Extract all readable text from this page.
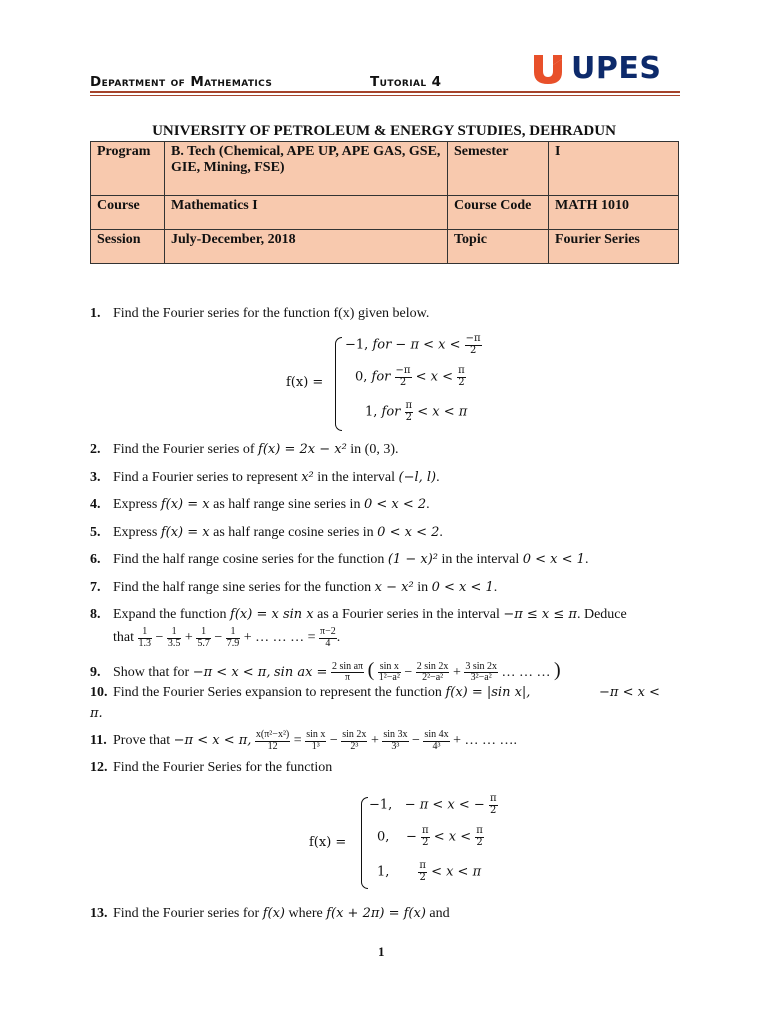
Department of Mathematics	Tutorial 4	UPES
UNIVERSITY OF PETROLEUM & ENERGY STUDIES, DEHRADUN
Program	B. Tech (Chemical, APE UP, APE GAS, GSE, GIE, Mining, FSE)	Semester	I
Course	Mathematics I	Course Code	MATH 1010
Session	July-December, 2018	Topic	Fourier Series
1. Find the Fourier series for the function f(x) given below.
f(x) =
−1, for − $\pi < x < \frac{-\pi}{2}$
0, for $\frac{-\pi}{2} < x < \frac{\pi}{2}$
1, for $\frac{\pi}{2} < x < \pi$
2. Find the Fourier series of f(x) = 2x − x² in (0, 3).
3. Find a Fourier series to represent x² in the interval (−l, l).
4. Express f(x) = x as half range sine series in 0 < x < 2.
5. Express f(x) = x as half range cosine series in 0 < x < 2.
6. Find the half range cosine series for the function (1 − x)² in the interval 0 < x < 1.
7. Find the half range sine series for the function x − x² in 0 < x < 1.
8. Expand the function f(x) = x sin x as a Fourier series in the interval −π ≤ x ≤ π. Deduce
that $\frac{1}{1.3} - \frac{1}{3.5} + \frac{1}{5.7} - \frac{1}{7.9}$ + … … … = $\frac{\pi-2}{4}$ .
9. Show that for −π < x < π, sin ax = $\frac{\text{2 sin aπ}}{\pi}$ ( $\frac{\text{sin x}}{\text{1²−a²}} - \frac{2 \sin 2x}{\text{2²−a²}} + \frac{3 \sin 2x}{\text{3²−a²}}$ … … … )
10. Find the Fourier Series expansion to represent the function f(x) = |sin x|,	−π < x <
π.
11. Prove that −π < x < π, $\frac{\text{x(π²−x²)}}{12} = \frac{\text{sin x}}{\text{1³}} - \frac{\sin 2x}{\text{2³}} + \frac{\sin 3x}{\text{3³}} - \frac{\sin 4x}{\text{4³}}$ + … … ….
12. Find the Fourier Series for the function
f(x) =
−1, − π < x < − $\frac{\pi}{2}$
0, − $\frac{\pi}{2} < x < \frac{\pi}{2}$
1,	$\frac{\pi}{2} < x < \pi$
13. Find the Fourier series for f(x) where f(x + 2π) = f(x) and
1
